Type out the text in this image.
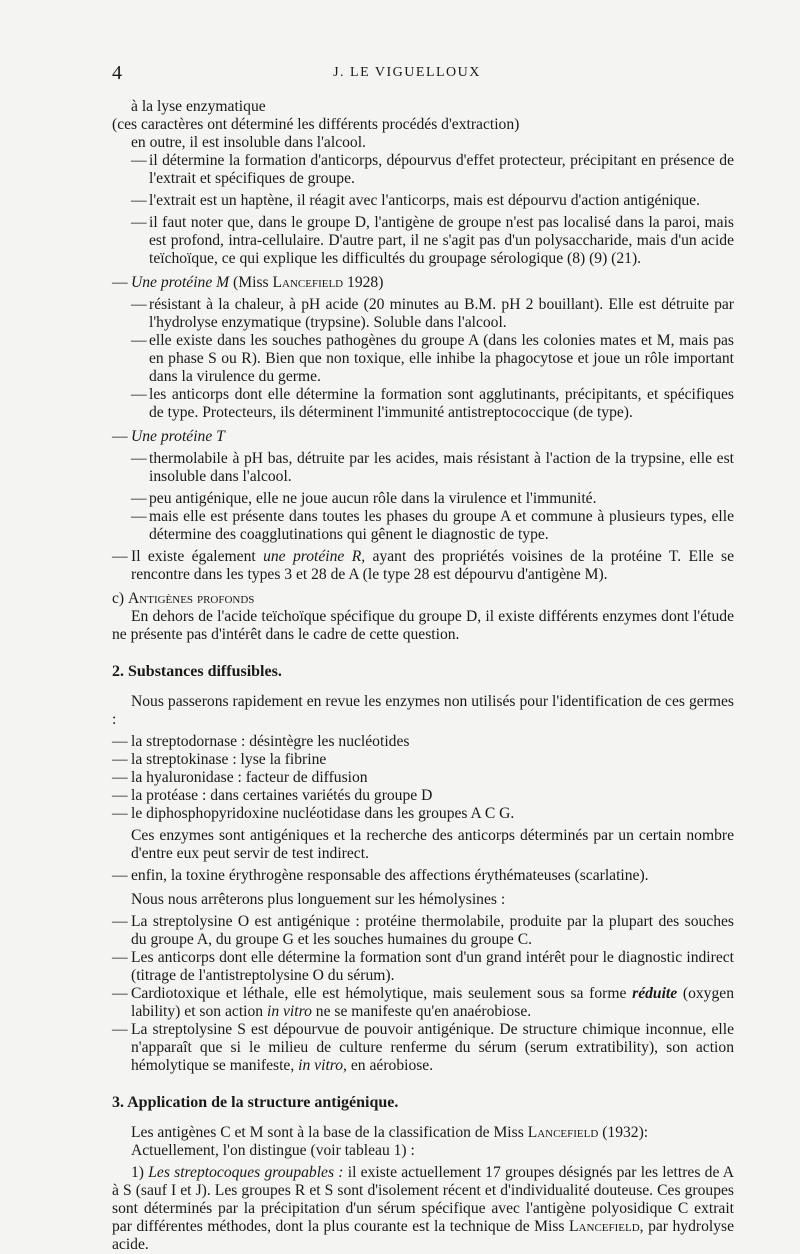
4	J. LE VIGUELLOUX

à la lyse enzymatique

(ces caractères ont déterminé les différents procédés d'extraction)

en outre, il est insoluble dans l'alcool.

— il détermine la formation d'anticorps, dépourvus d'effet protecteur, précipitant en présence de l'extrait et spécifiques de groupe.
— l'extrait est un haptène, il réagit avec l'anticorps, mais est dépourvu d'action antigénique.
— il faut noter que, dans le groupe D, l'antigène de groupe n'est pas localisé dans la paroi, mais est profond, intra-cellulaire. D'autre part, il ne s'agit pas d'un polysaccharide, mais d'un acide teïchoïque, ce qui explique les difficultés du groupage sérologique (8) (9) (21).
— Une protéine M (Miss Lancefield 1928)
— résistant à la chaleur, à pH acide (20 minutes au B.M. pH 2 bouillant). Elle est détruite par l'hydrolyse enzymatique (trypsine). Soluble dans l'alcool.
— elle existe dans les souches pathogènes du groupe A (dans les colonies mates et M, mais pas en phase S ou R). Bien que non toxique, elle inhibe la phagocytose et joue un rôle important dans la virulence du germe.
— les anticorps dont elle détermine la formation sont agglutinants, précipitants, et spécifiques de type. Protecteurs, ils déterminent l'immunité antistreptococcique (de type).
— Une protéine T
— thermolabile à pH bas, détruite par les acides, mais résistant à l'action de la trypsine, elle est insoluble dans l'alcool.
— peu antigénique, elle ne joue aucun rôle dans la virulence et l'immunité.
— mais elle est présente dans toutes les phases du groupe A et commune à plusieurs types, elle détermine des coagglutinations qui gênent le diagnostic de type.
— Il existe également une protéine R, ayant des propriétés voisines de la protéine T. Elle se rencontre dans les types 3 et 28 de A (le type 28 est dépourvu d'antigène M).

c) Antigènes profonds

En dehors de l'acide teïchoïque spécifique du groupe D, il existe différents enzymes dont l'étude ne présente pas d'intérêt dans le cadre de cette question.

2. Substances diffusibles.

Nous passerons rapidement en revue les enzymes non utilisés pour l'identification de ces germes :

— la streptodornase : désintègre les nucléotides
— la streptokinase : lyse la fibrine
— la hyaluronidase : facteur de diffusion
— la protéase : dans certaines variétés du groupe D
— le diphosphopyridoxine nucléotidase dans les groupes A C G.

Ces enzymes sont antigéniques et la recherche des anticorps déterminés par un certain nombre d'entre eux peut servir de test indirect.

— enfin, la toxine érythrogène responsable des affections érythémateuses (scarlatine).

Nous nous arrêterons plus longuement sur les hémolysines :

— La streptolysine O est antigénique : protéine thermolabile, produite par la plupart des souches du groupe A, du groupe G et les souches humaines du groupe C.
— Les anticorps dont elle détermine la formation sont d'un grand intérêt pour le diagnostic indirect (titrage de l'antistreptolysine O du sérum).
— Cardiotoxique et léthale, elle est hémolytique, mais seulement sous sa forme réduite (oxygen lability) et son action in vitro ne se manifeste qu'en anaérobiose.
— La streptolysine S est dépourvue de pouvoir antigénique. De structure chimique inconnue, elle n'apparaît que si le milieu de culture renferme du sérum (serum extratibility), son action hémolytique se manifeste, in vitro, en aérobiose.

3. Application de la structure antigénique.

Les antigènes C et M sont à la base de la classification de Miss Lancefield (1932):

Actuellement, l'on distingue (voir tableau 1) :

1) Les streptocoques groupables : il existe actuellement 17 groupes désignés par les lettres de A à S (sauf I et J). Les groupes R et S sont d'isolement récent et d'individualité douteuse. Ces groupes sont déterminés par la précipitation d'un sérum spécifique avec l'antigène polyosidique C extrait par différentes méthodes, dont la plus courante est la technique de Miss Lancefield, par hydrolyse acide.
